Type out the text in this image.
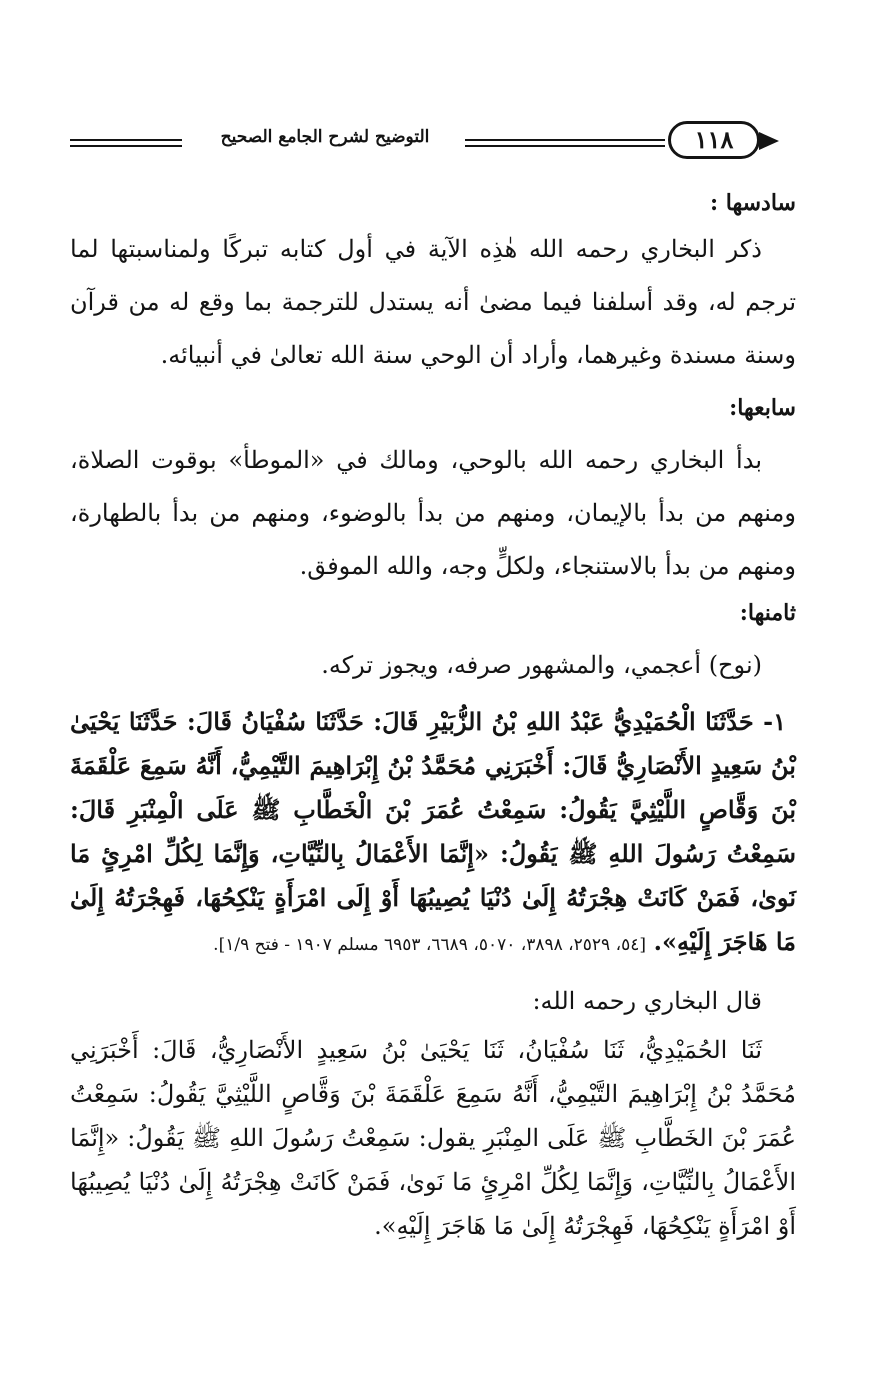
التوضيح لشرح الجامع الصحيح	١١٨

سادسها :

ذكر البخاري رحمه الله هٰذِه الآية في أول كتابه تبركًا ولمناسبتها لما ترجم له، وقد أسلفنا فيما مضىٰ أنه يستدل للترجمة بما وقع له من قرآن وسنة مسندة وغيرهما، وأراد أن الوحي سنة الله تعالىٰ في أنبيائه.

سابعها:

بدأ البخاري رحمه الله بالوحي، ومالك في «الموطأ» بوقوت الصلاة، ومنهم من بدأ بالإيمان، ومنهم من بدأ بالوضوء، ومنهم من بدأ بالطهارة، ومنهم من بدأ بالاستنجاء، ولكلٍّ وجه، والله الموفق.

ثامنها:

(نوح) أعجمي، والمشهور صرفه، ويجوز تركه.

١- حَدَّثَنَا الْحُمَيْدِيُّ عَبْدُ اللهِ بْنُ الزُّبَيْرِ قَالَ: حَدَّثَنَا سُفْيَانُ قَالَ: حَدَّثَنَا يَحْيَىٰ بْنُ سَعِيدٍ الأَنْصَارِيُّ قَالَ: أَخْبَرَنِي مُحَمَّدُ بْنُ إِبْرَاهِيمَ التَّيْمِيُّ، أَنَّهُ سَمِعَ عَلْقَمَةَ بْنَ وَقَّاصٍ اللَّيْثِيَّ يَقُولُ: سَمِعْتُ عُمَرَ بْنَ الْخَطَّابِ ﷺ عَلَى الْمِنْبَرِ قَالَ: سَمِعْتُ رَسُولَ اللهِ ﷺ يَقُولُ: «إِنَّمَا الأَعْمَالُ بِالنِّيَّاتِ، وَإِنَّمَا لِكُلِّ امْرِئٍ مَا نَوىٰ، فَمَنْ كَانَتْ هِجْرَتُهُ إِلَىٰ دُنْيَا يُصِيبُهَا أَوْ إِلَى امْرَأَةٍ يَنْكِحُهَا، فَهِجْرَتُهُ إِلَىٰ مَا هَاجَرَ إِلَيْهِ». [٥٤، ٢٥٢٩، ٣٨٩٨، ٥٠٧٠، ٦٦٨٩، ٦٩٥٣ مسلم ١٩٠٧ - فتح ١/٩].

قال البخاري رحمه الله:

ثَنَا الحُمَيْدِيُّ، ثَنَا سُفْيَانُ، ثَنَا يَحْيَىٰ بْنُ سَعِيدٍ الأَنْصَارِيُّ، قَالَ: أَخْبَرَنِي مُحَمَّدُ بْنُ إِبْرَاهِيمَ التَّيْمِيُّ، أَنَّهُ سَمِعَ عَلْقَمَةَ بْنَ وَقَّاصٍ اللَّيْثِيَّ يَقُولُ: سَمِعْتُ عُمَرَ بْنَ الخَطَّابِ ﷺ عَلَى المِنْبَرِ يقول: سَمِعْتُ رَسُولَ اللهِ ﷺ يَقُولُ: «إِنَّمَا الأَعْمَالُ بِالنِّيَّاتِ، وَإِنَّمَا لِكُلِّ امْرِئٍ مَا نَوىٰ، فَمَنْ كَانَتْ هِجْرَتُهُ إِلَىٰ دُنْيَا يُصِيبُهَا أَوْ امْرَأَةٍ يَنْكِحُهَا، فَهِجْرَتُهُ إِلَىٰ مَا هَاجَرَ إِلَيْهِ».
